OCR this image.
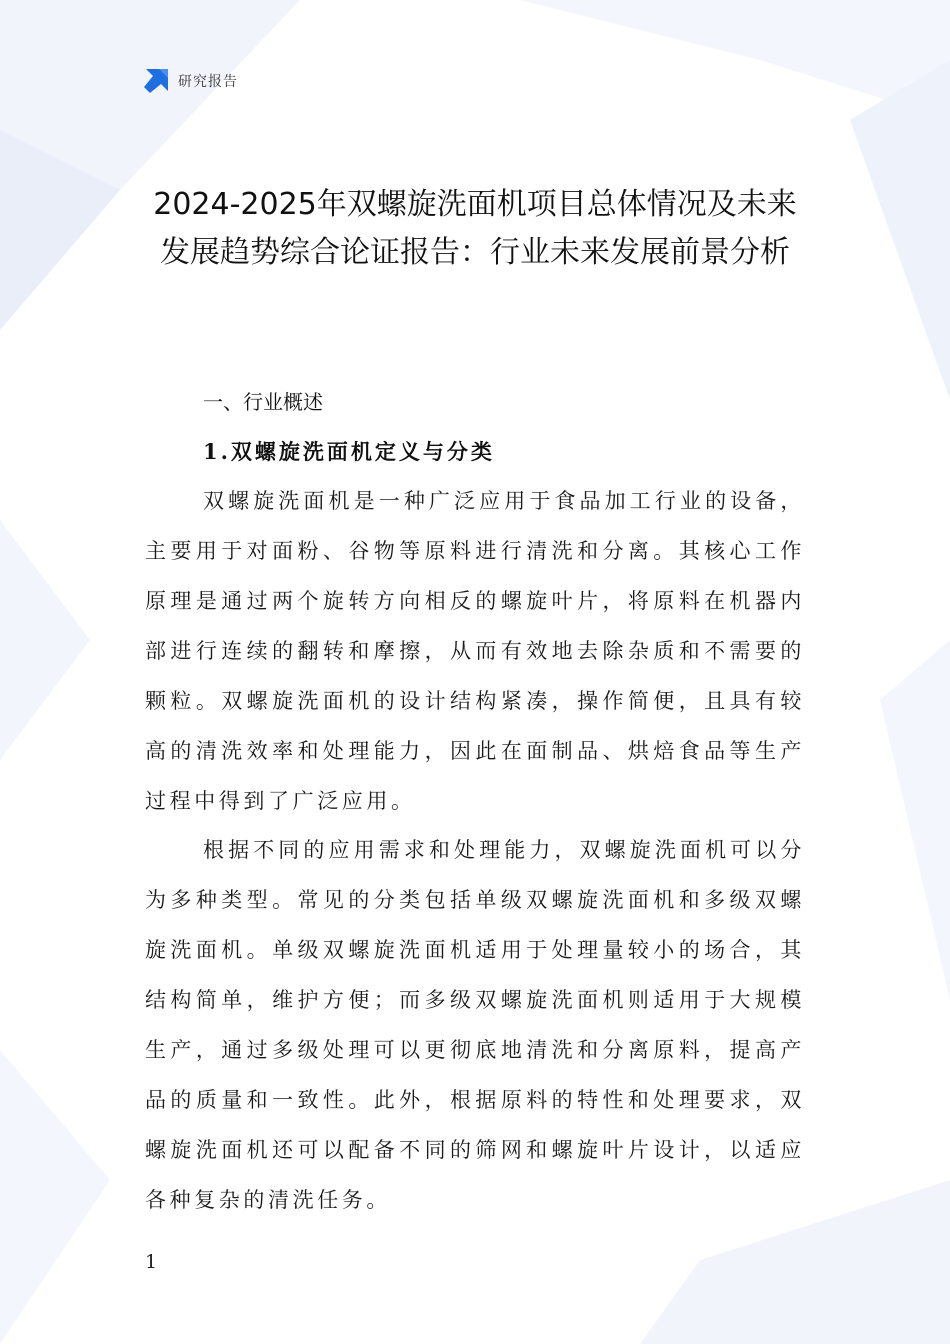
研究报告
2024-2025年双螺旋洗面机项目总体情况及未来发展趋势综合论证报告：行业未来发展前景分析
一、行业概述
1.双螺旋洗面机定义与分类

双螺旋洗面机是一种广泛应用于食品加工行业的设备，主要用于对面粉、谷物等原料进行清洗和分离。其核心工作原理是通过两个旋转方向相反的螺旋叶片，将原料在机器内部进行连续的翻转和摩擦，从而有效地去除杂质和不需要的颗粒。双螺旋洗面机的设计结构紧凑，操作简便，且具有较高的清洗效率和处理能力，因此在面制品、烘焙食品等生产过程中得到了广泛应用。

根据不同的应用需求和处理能力，双螺旋洗面机可以分为多种类型。常见的分类包括单级双螺旋洗面机和多级双螺旋洗面机。单级双螺旋洗面机适用于处理量较小的场合，其结构简单，维护方便；而多级双螺旋洗面机则适用于大规模生产，通过多级处理可以更彻底地清洗和分离原料，提高产品的质量和一致性。此外，根据原料的特性和处理要求，双螺旋洗面机还可以配备不同的筛网和螺旋叶片设计，以适应各种复杂的清洗任务。

1
